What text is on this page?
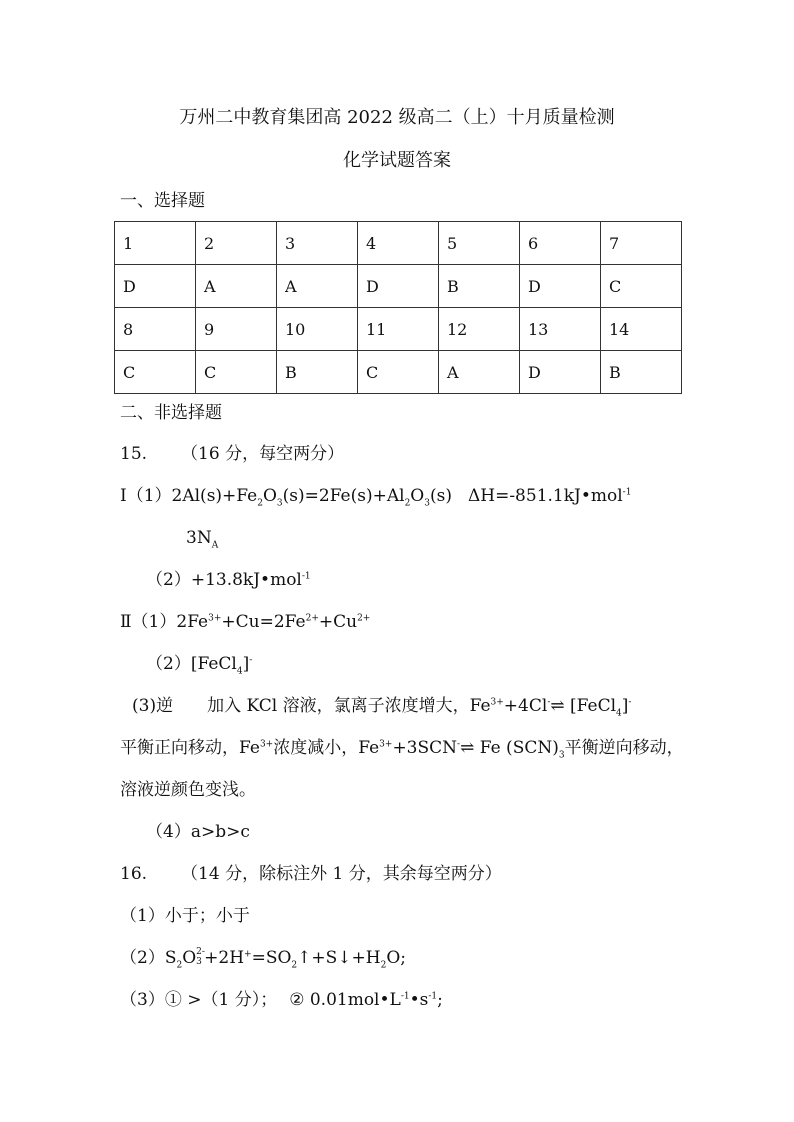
万州二中教育集团高 2022 级高二（上）十月质量检测
化学试题答案
一、选择题
1	2	3	4	5	6	7
D	A	A	D	B	D	C
8	9	10	11	12	13	14
C	C	B	C	A	D	B
二、非选择题
15. （16 分，每空两分）
$Ⅰ(1)2Al(s)+Fe_2O_3(s)=2Fe(s)+Al_2O_3(s)$ ΔH=-851.1kJ•mol$^{-1}$
$3N_A$
（2）+13.8kJ•mol$^{-1}$
$Ⅱ(1)2Fe^{3+}+Cu=2Fe^{2+}+Cu^{2+}$
（2）[FeCl$_4$]-
(3)逆 加入 KCl 溶液，氯离子浓度增大，$Fe^{3+}+4Cl^-\rightleftharpoons$ [FeCl$_4$]-
平衡正向移动，$Fe^{3+}$浓度减小，$Fe^{3+}+3SCN^-\rightleftharpoons$ Fe $(SCN)_3$平衡逆向移动，
溶液逆颜色变浅。
（4）a>b>c
16. （14 分，除标注外 1 分，其余每空两分）
（1）小于；小于
$(2)S_2O$ 2-
$3 +2H^+=SO_2↑+S↓+H_2O$;
（3）① >（1 分）； ② $0.01mol•L^{-1}•s^{-1}$;
